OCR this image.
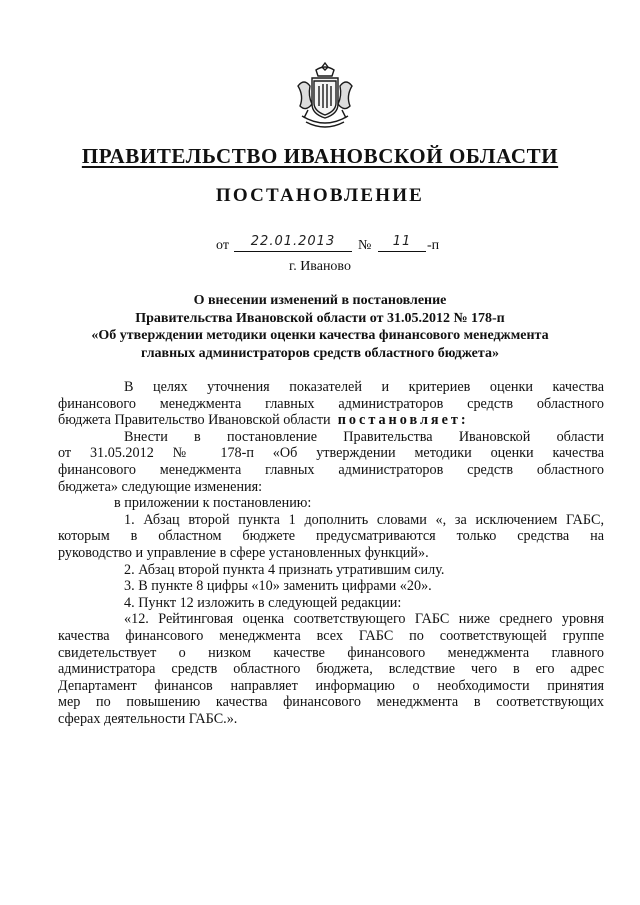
ПРАВИТЕЛЬСТВО ИВАНОВСКОЙ ОБЛАСТИ
ПОСТАНОВЛЕНИЕ
от	22.01.2013	№	11	-п
г. Иваново
О внесении изменений в постановление
Правительства Ивановской области от 31.05.2012 № 178-п
«Об утверждении методики оценки качества финансового менеджмента
главных администраторов средств областного бюджета»
В целях уточнения показателей и критериев оценки качества
финансового менеджмента главных администраторов средств областного
бюджета Правительство Ивановской области постановляет:
Внести в постановление Правительства Ивановской области
от 31.05.2012 № 178-п «Об утверждении методики оценки качества
финансового менеджмента главных администраторов средств областного
бюджета» следующие изменения:
в приложении к постановлению:
1. Абзац второй пункта 1 дополнить словами «, за исключением ГАБС,
которым в областном бюджете предусматриваются только средства на
руководство и управление в сфере установленных функций».
2. Абзац второй пункта 4 признать утратившим силу.
3. В пункте 8 цифры «10» заменить цифрами «20».
4. Пункт 12 изложить в следующей редакции:
«12. Рейтинговая оценка соответствующего ГАБС ниже среднего уровня
качества финансового менеджмента всех ГАБС по соответствующей группе
свидетельствует о низком качестве финансового менеджмента главного
администратора средств областного бюджета, вследствие чего в его адрес
Департамент финансов направляет информацию о необходимости принятия
мер по повышению качества финансового менеджмента в соответствующих
сферах деятельности ГАБС.».
